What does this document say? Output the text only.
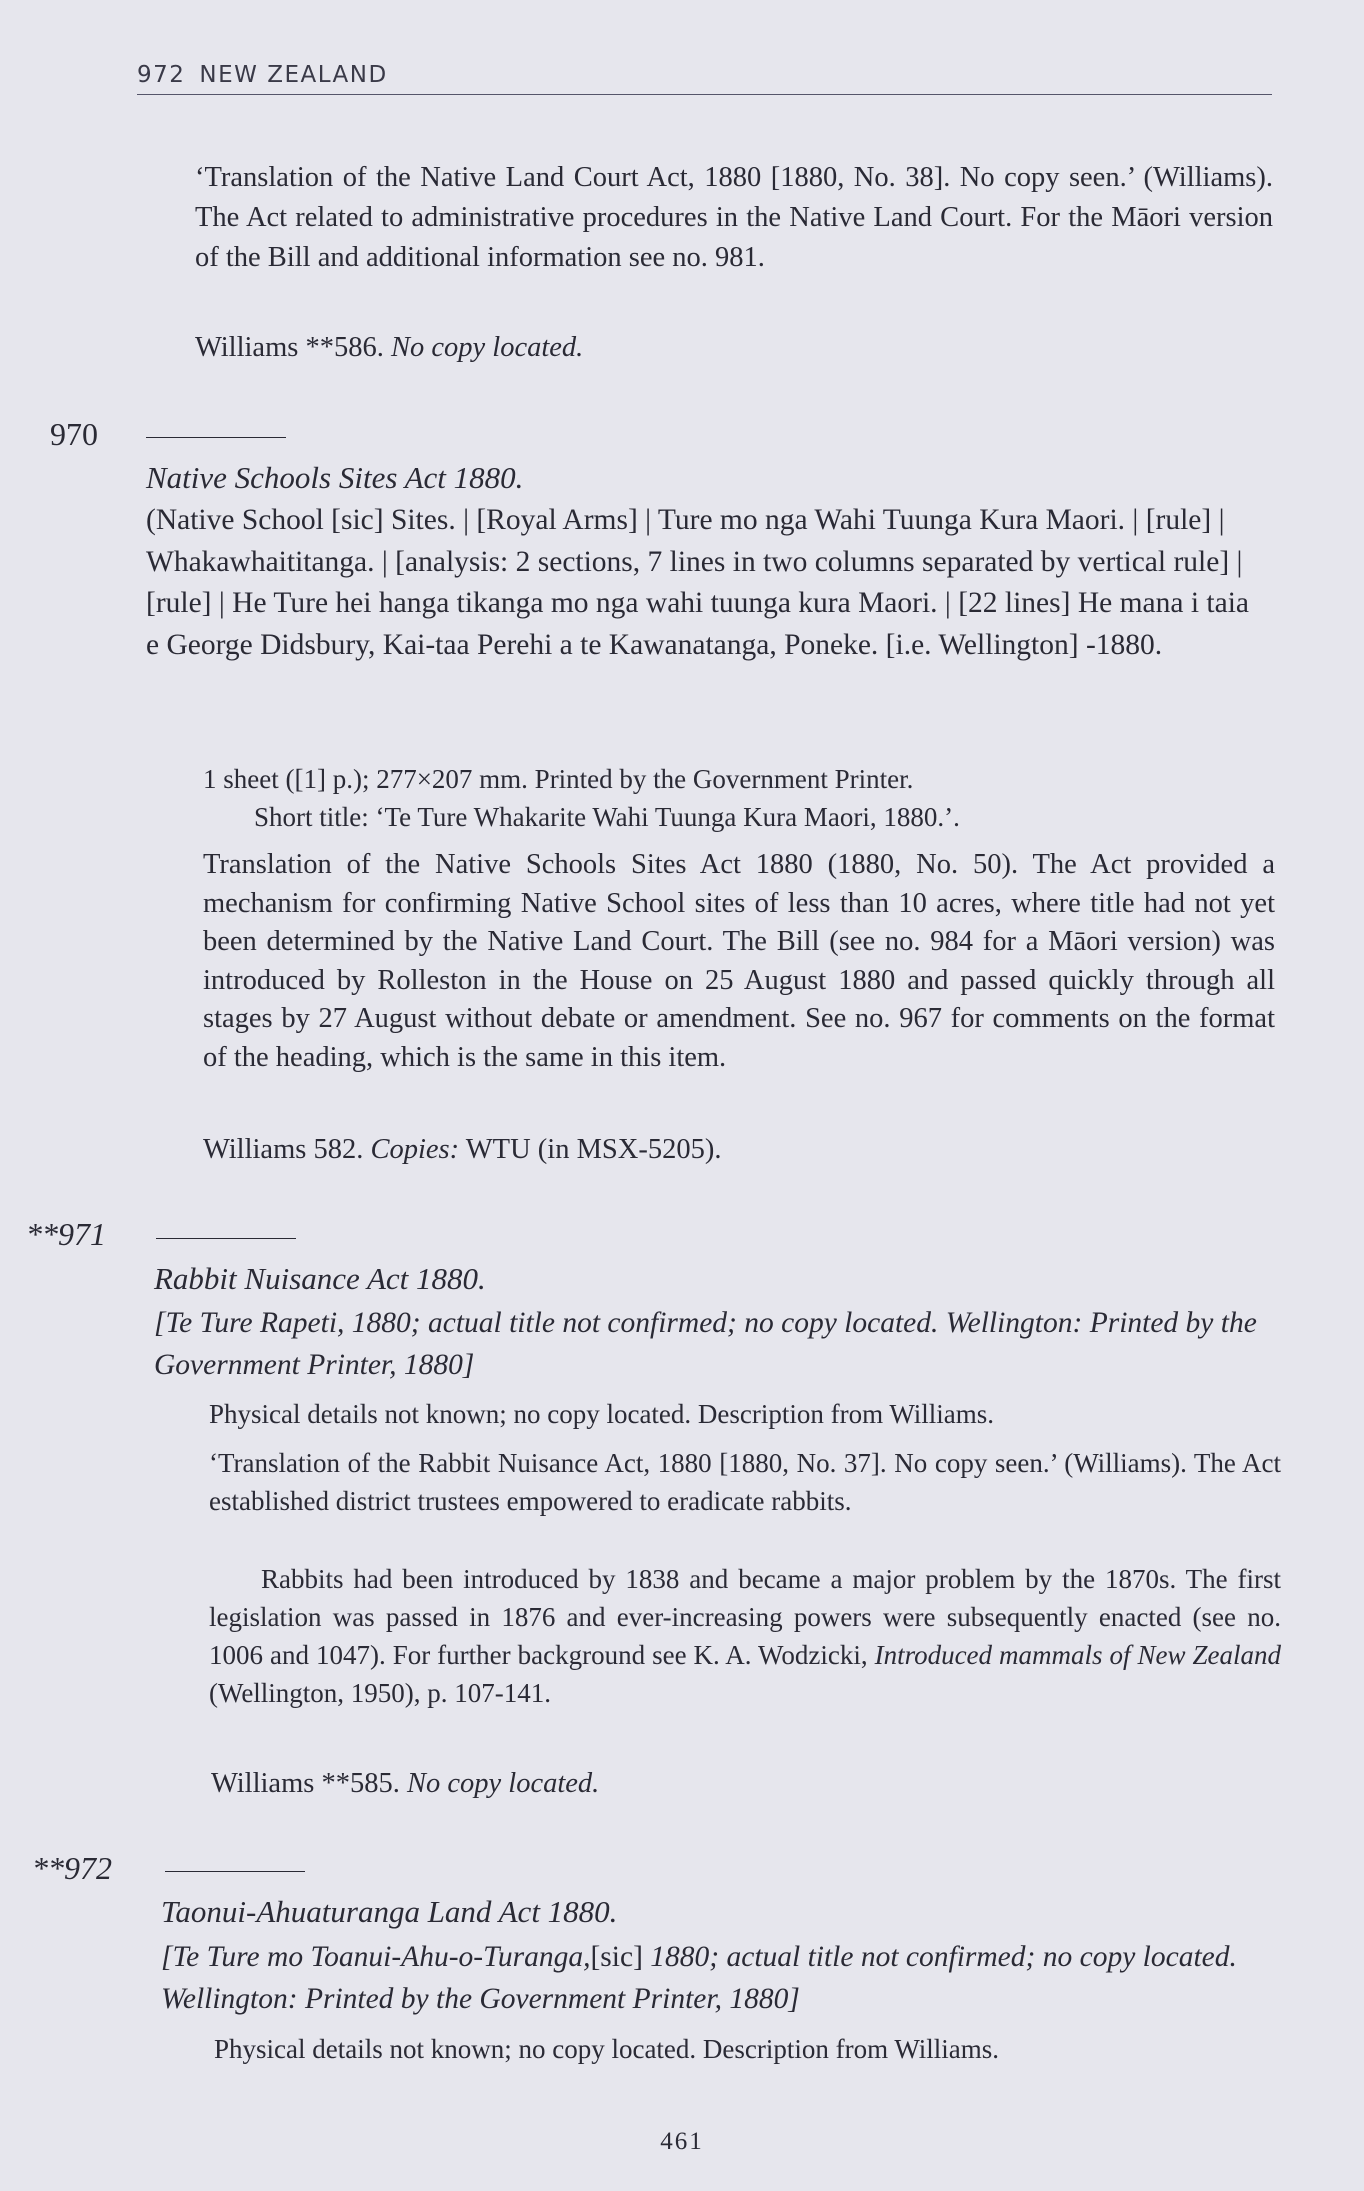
972 NEW ZEALAND
‘Translation of the Native Land Court Act, 1880 [1880, No. 38]. No copy seen.’ (Williams). The Act related to administrative procedures in the Native Land Court. For the Māori version of the Bill and additional information see no. 981.
Williams **586. No copy located.
970
Native Schools Sites Act 1880.
(Native School [sic] Sites. | [Royal Arms] | Ture mo nga Wahi Tuunga Kura Maori. | [rule] | Whakawhaititanga. | [analysis: 2 sections, 7 lines in two columns separated by vertical rule] | [rule] | He Ture hei hanga tikanga mo nga wahi tuunga kura Maori. | [22 lines] He mana i taia e George Didsbury, Kai-taa Perehi a te Kawanatanga, Poneke. [i.e. Wellington] -1880.
1 sheet ([1] p.); 277×207 mm. Printed by the Government Printer.
Short title: ‘Te Ture Whakarite Wahi Tuunga Kura Maori, 1880.’.
Translation of the Native Schools Sites Act 1880 (1880, No. 50). The Act provided a mechanism for confirming Native School sites of less than 10 acres, where title had not yet been determined by the Native Land Court. The Bill (see no. 984 for a Māori version) was introduced by Rolleston in the House on 25 August 1880 and passed quickly through all stages by 27 August without debate or amendment. See no. 967 for comments on the format of the heading, which is the same in this item.
Williams 582. Copies: WTU (in MSX-5205).
**971
Rabbit Nuisance Act 1880.
[Te Ture Rapeti, 1880; actual title not confirmed; no copy located. Wellington: Printed by the Government Printer, 1880]
Physical details not known; no copy located. Description from Williams.
‘Translation of the Rabbit Nuisance Act, 1880 [1880, No. 37]. No copy seen.’ (Williams). The Act established district trustees empowered to eradicate rabbits.
Rabbits had been introduced by 1838 and became a major problem by the 1870s. The first legislation was passed in 1876 and ever-increasing powers were subsequently enacted (see no. 1006 and 1047). For further background see K. A. Wodzicki, Introduced mammals of New Zealand (Wellington, 1950), p. 107-141.
Williams **585. No copy located.
**972
Taonui-Ahuaturanga Land Act 1880.
[Te Ture mo Toanui-Ahu-o-Turanga,[sic] 1880; actual title not confirmed; no copy located. Wellington: Printed by the Government Printer, 1880]
Physical details not known; no copy located. Description from Williams.
461
